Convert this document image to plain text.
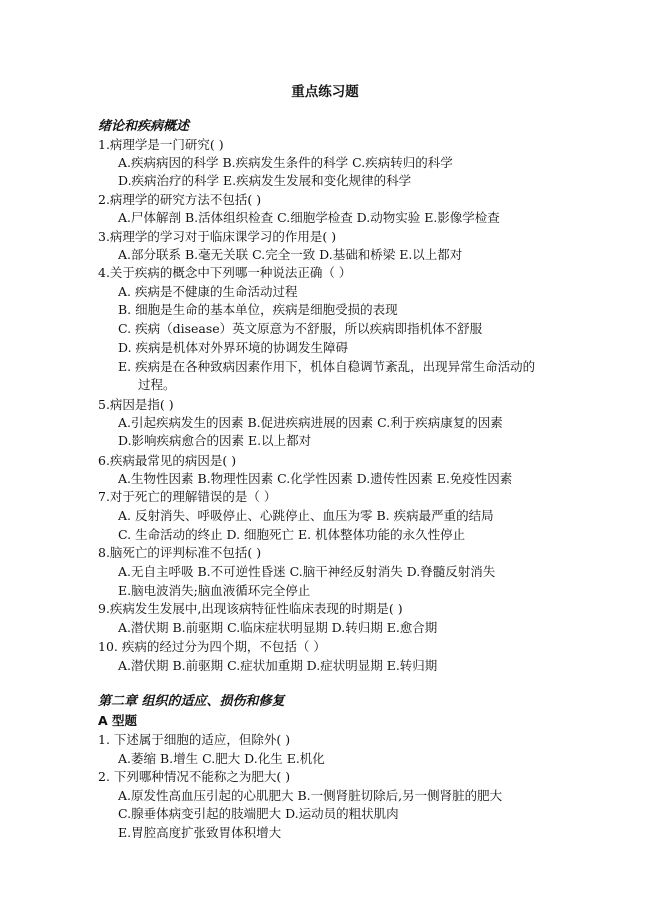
重点练习题
绪论和疾病概述
1.病理学是一门研究( )
A.疾病病因的科学 B.疾病发生条件的科学 C.疾病转归的科学
D.疾病治疗的科学 E.疾病发生发展和变化规律的科学
2.病理学的研究方法不包括( )
A.尸体解剖 B.活体组织检查 C.细胞学检查 D.动物实验 E.影像学检查
3.病理学的学习对于临床课学习的作用是( )
A.部分联系 B.毫无关联 C.完全一致 D.基础和桥梁 E.以上都对
4.关于疾病的概念中下列哪一种说法正确（ ）
A. 疾病是不健康的生命活动过程
B. 细胞是生命的基本单位，疾病是细胞受损的表现
C. 疾病（disease）英文原意为不舒服，所以疾病即指机体不舒服
D. 疾病是机体对外界环境的协调发生障碍
E. 疾病是在各种致病因素作用下，机体自稳调节紊乱，出现异常生命活动的
过程。
5.病因是指( )
A.引起疾病发生的因素 B.促进疾病进展的因素 C.利于疾病康复的因素
D.影响疾病愈合的因素 E.以上都对
6.疾病最常见的病因是( )
A.生物性因素 B.物理性因素 C.化学性因素 D.遗传性因素 E.免疫性因素
7.对于死亡的理解错误的是（ ）
A. 反射消失、呼吸停止、心跳停止、血压为零 B. 疾病最严重的结局
C. 生命活动的终止 D. 细胞死亡 E. 机体整体功能的永久性停止
8.脑死亡的评判标准不包括( )
A.无自主呼吸 B.不可逆性昏迷 C.脑干神经反射消失 D.脊髓反射消失
E.脑电波消失;脑血液循环完全停止
9.疾病发生发展中,出现该病特征性临床表现的时期是( )
A.潜伏期 B.前驱期 C.临床症状明显期 D.转归期 E.愈合期
10. 疾病的经过分为四个期，不包括（ ）
A.潜伏期 B.前驱期 C.症状加重期 D.症状明显期 E.转归期
第二章 组织的适应、损伤和修复
A 型题
1. 下述属于细胞的适应，但除外( )
A.萎缩 B.增生 C.肥大 D.化生 E.机化
2. 下列哪种情况不能称之为肥大( )
A.原发性高血压引起的心肌肥大 B.一侧肾脏切除后,另一侧肾脏的肥大
C.腺垂体病变引起的肢端肥大 D.运动员的粗状肌肉
E.胃腔高度扩张致胃体积增大
